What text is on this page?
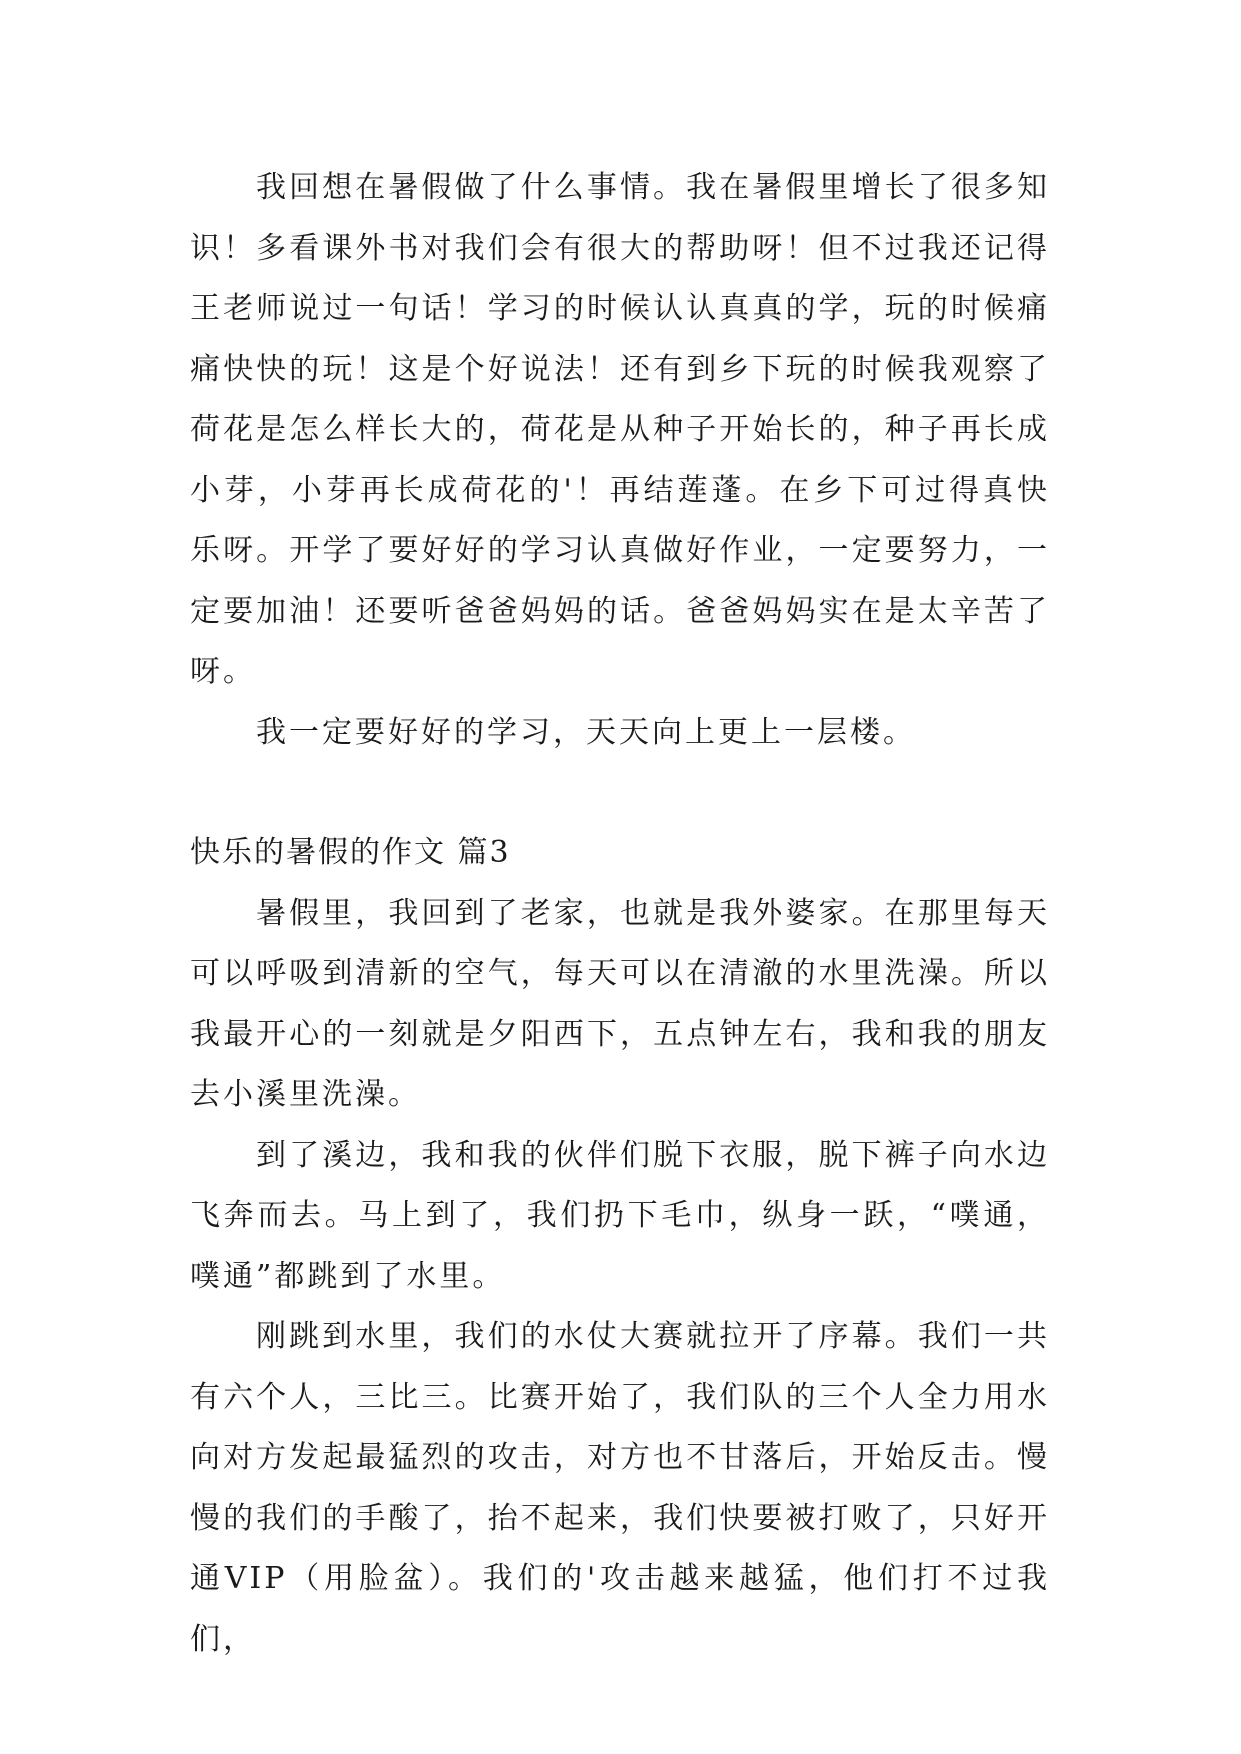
我回想在暑假做了什么事情。我在暑假里增长了很多知识！多看课外书对我们会有很大的帮助呀！但不过我还记得王老师说过一句话！学习的时候认认真真的学，玩的时候痛痛快快的玩！这是个好说法！还有到乡下玩的时候我观察了荷花是怎么样长大的，荷花是从种子开始长的，种子再长成小芽，小芽再长成荷花的'！再结莲蓬。在乡下可过得真快乐呀。开学了要好好的学习认真做好作业，一定要努力，一定要加油！还要听爸爸妈妈的话。爸爸妈妈实在是太辛苦了呀。

我一定要好好的学习，天天向上更上一层楼。

快乐的暑假的作文 篇3

暑假里，我回到了老家，也就是我外婆家。在那里每天可以呼吸到清新的空气，每天可以在清澈的水里洗澡。所以我最开心的一刻就是夕阳西下，五点钟左右，我和我的朋友去小溪里洗澡。

到了溪边，我和我的伙伴们脱下衣服，脱下裤子向水边飞奔而去。马上到了，我们扔下毛巾，纵身一跃，“噗通，噗通”都跳到了水里。

刚跳到水里，我们的水仗大赛就拉开了序幕。我们一共有六个人，三比三。比赛开始了，我们队的三个人全力用水向对方发起最猛烈的攻击，对方也不甘落后，开始反击。慢慢的我们的手酸了，抬不起来，我们快要被打败了，只好开通VIP（用脸盆）。我们的'攻击越来越猛，他们打不过我们，
